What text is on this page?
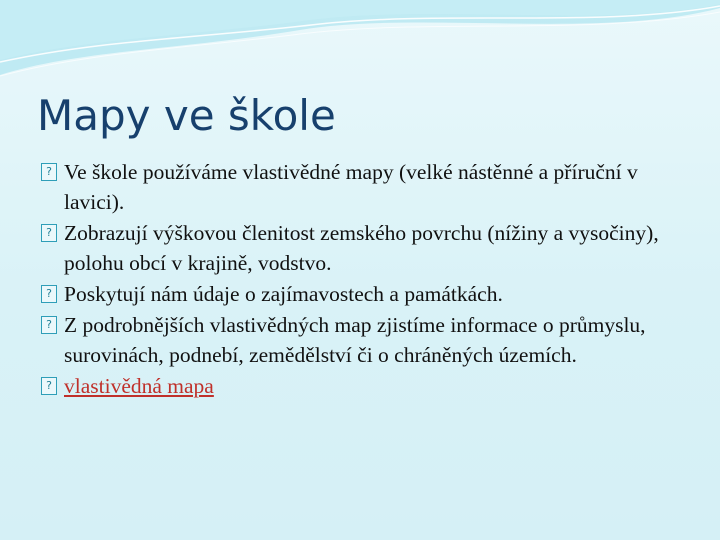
Mapy ve škole
? Ve škole používáme vlastivědné mapy (velké nástěnné a příruční v lavici).
? Zobrazují výškovou členitost zemského povrchu (nížiny a vysočiny), polohu obcí v krajině, vodstvo.
? Poskytují nám údaje o zajímavostech a památkách.
? Z podrobnějších vlastivědných map zjistíme informace o průmyslu, surovinách, podnebí, zemědělství či o chráněných územích.
? vlastivědná mapa
